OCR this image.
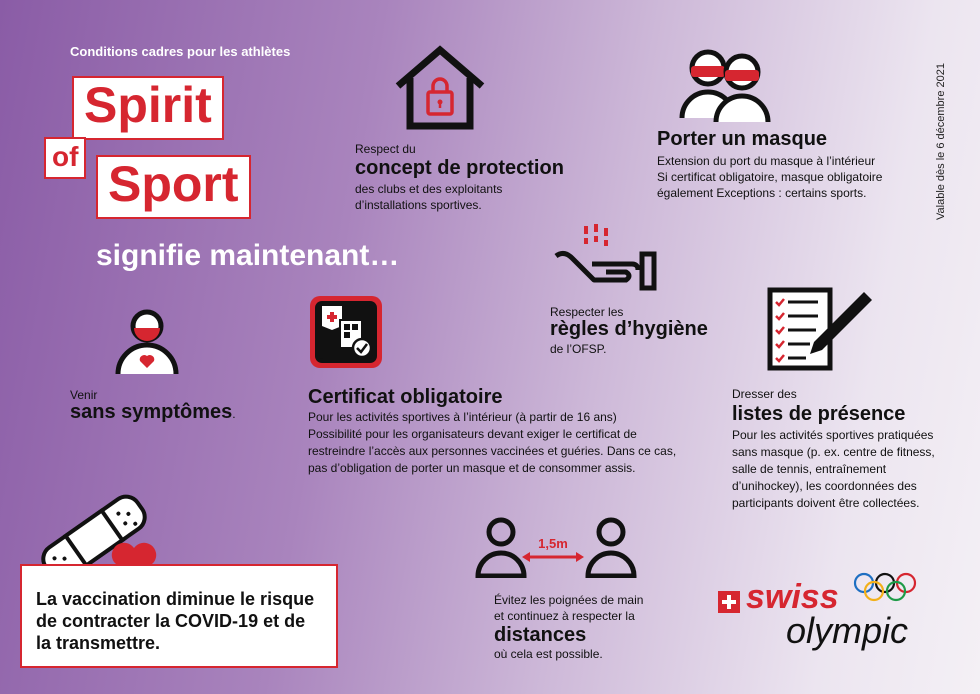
Conditions cadres pour les athlètes
Spirit
Sport
of
signifie maintenant…
Valable dès le 6 décembre 2021
Respect du
concept de protection
des clubs et des exploitants
d’installations sportives.
Porter un masque
Extension du port du masque à l’intérieur
Si certificat obligatoire, masque obligatoire
également Exceptions : certains sports.
Respecter les
règles d’hygiène
de l’OFSP.
Venir
sans symptômes.
Certificat obligatoire
Pour les activités sportives à l’intérieur (à partir de 16 ans)
Possibilité pour les organisateurs devant exiger le certificat de
restreindre l’accès aux personnes vaccinées et guéries. Dans ce cas,
pas d’obligation de porter un masque et de consommer assis.
Dresser des
listes de présence
Pour les activités sportives pratiquées
sans masque (p. ex. centre de fitness,
salle de tennis, entraînement
d’unihockey), les coordonnées des
participants doivent être collectées.
La vaccination diminue le risque
de contracter la COVID-19 et de
la transmettre.
1,5m
Évitez les poignées de main
et continuez à respecter la
distances
où cela est possible.
swiss
olympic
